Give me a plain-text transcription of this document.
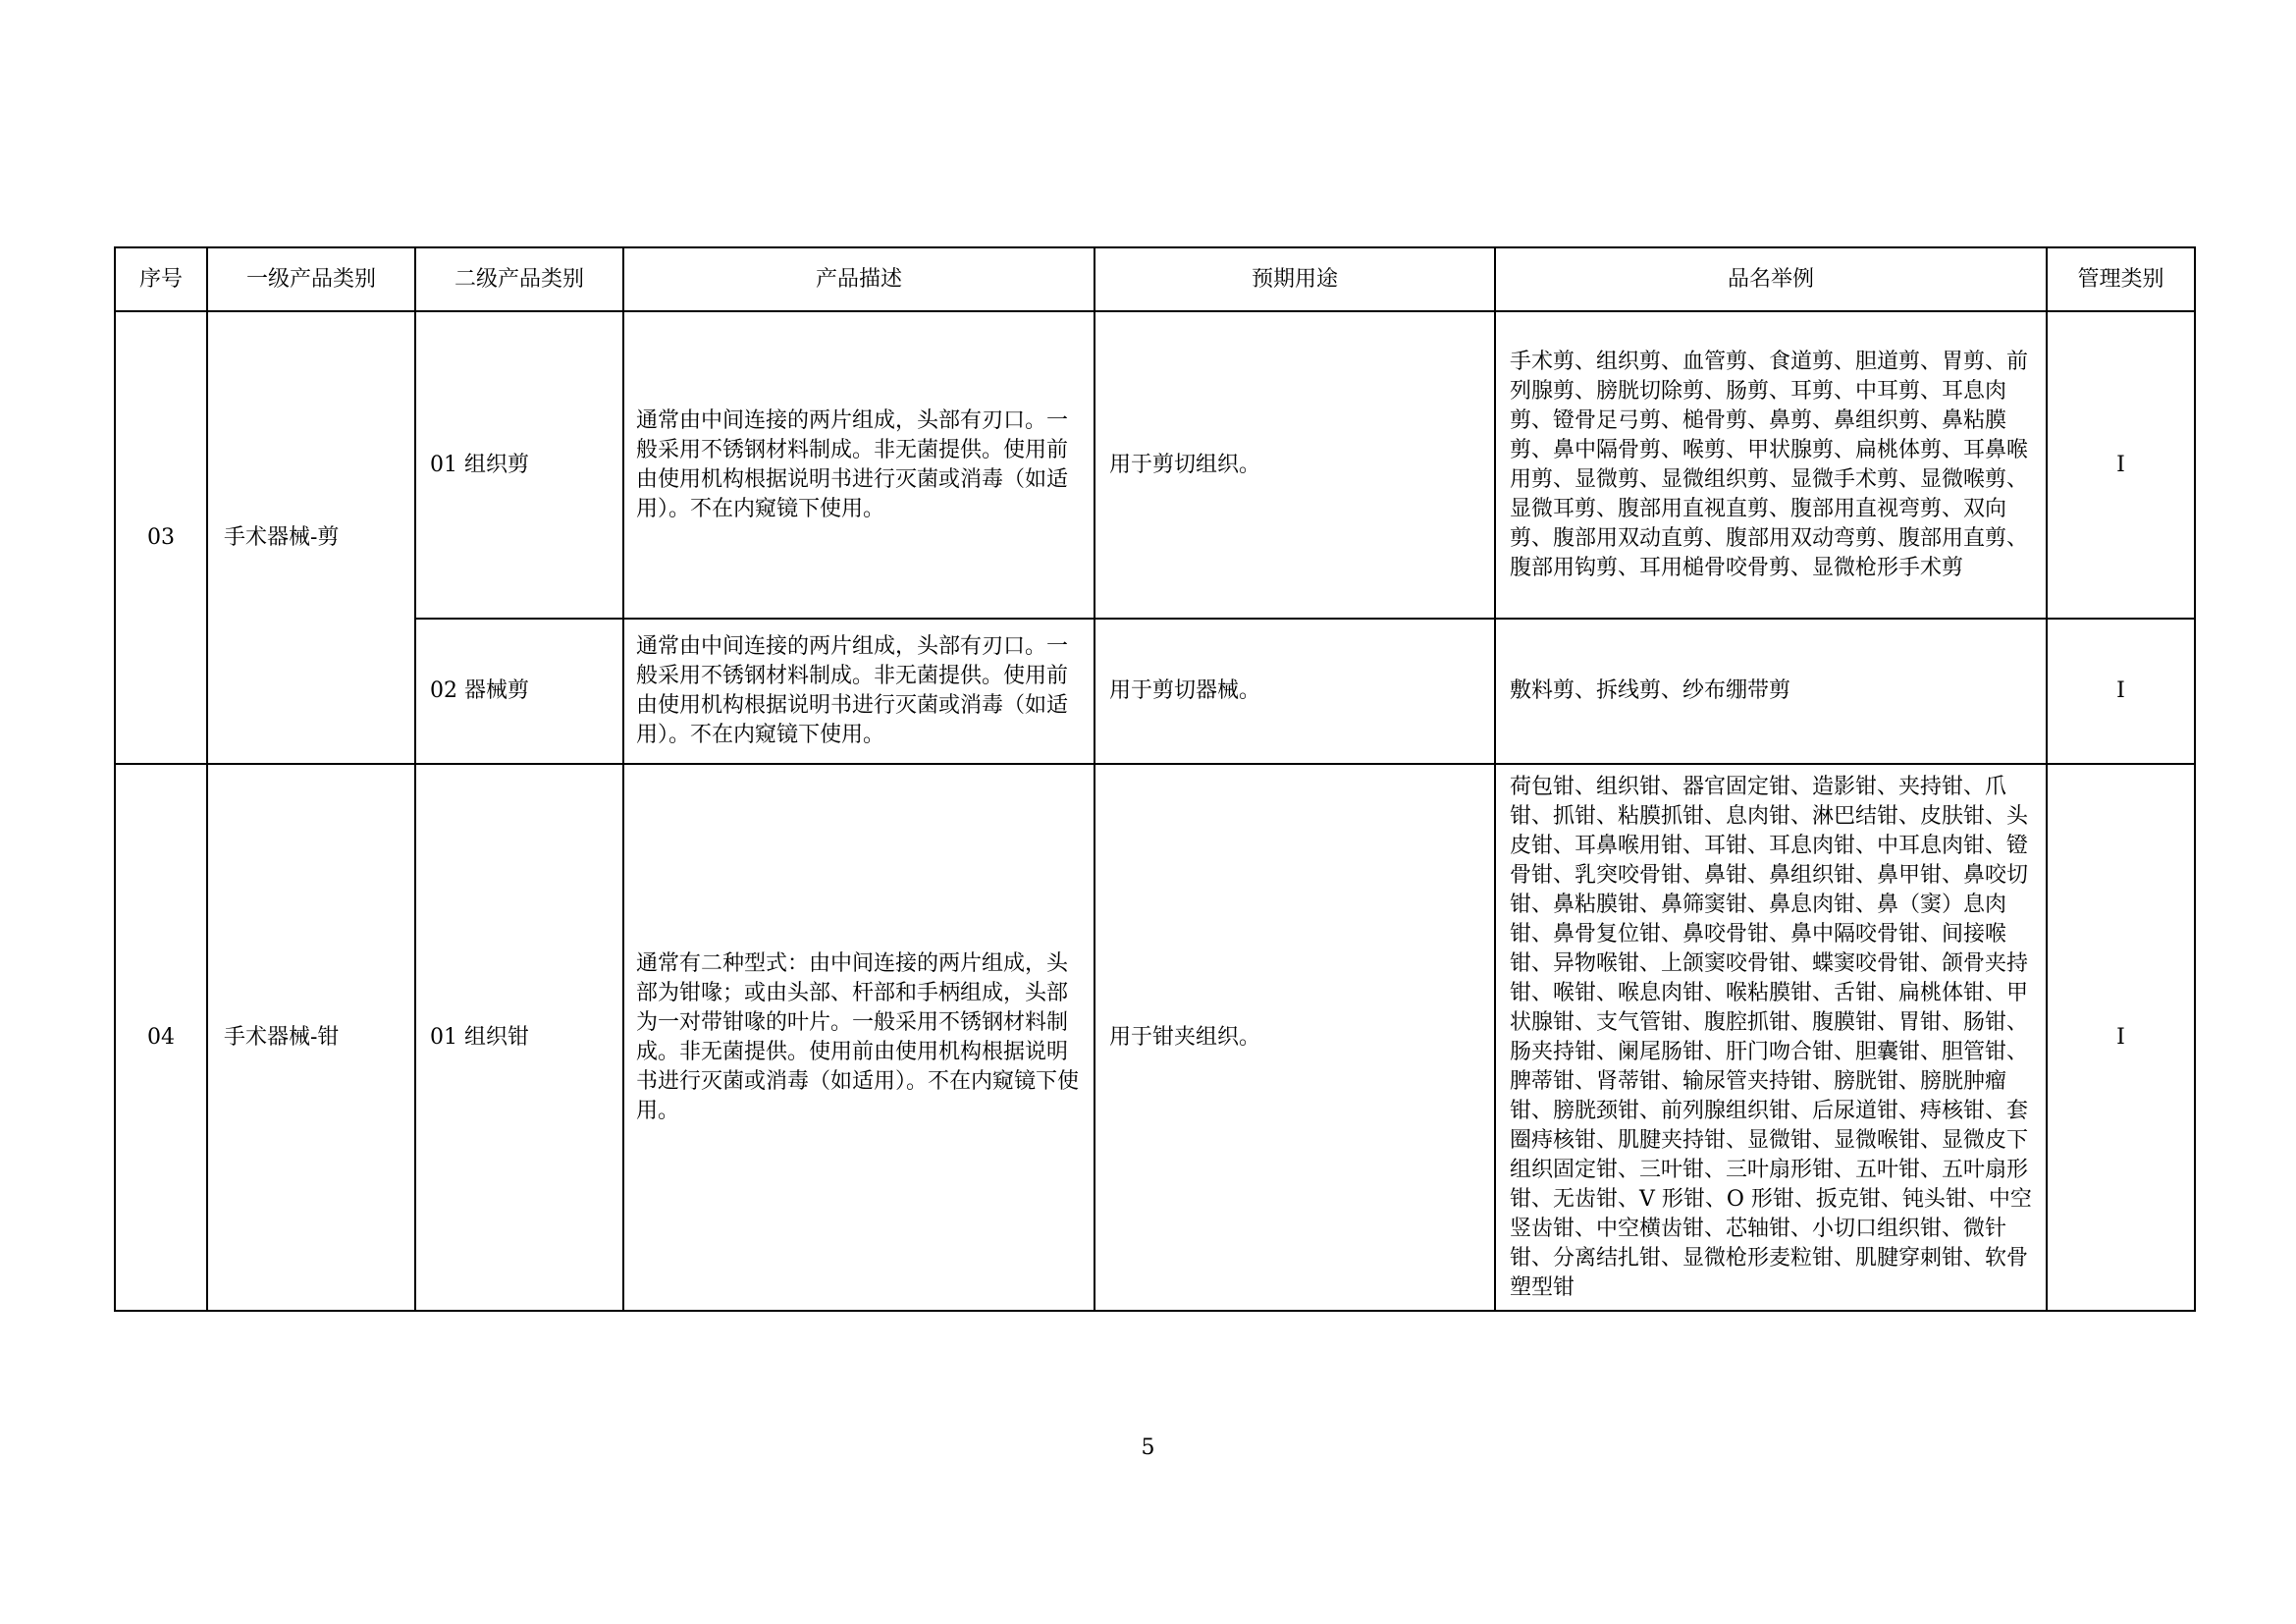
序号	一级产品类别	二级产品类别	产品描述	预期用途	品名举例	管理类别
03	手术器械-剪	01 组织剪	通常由中间连接的两片组成，头部有刃口。一般采用不锈钢材料制成。非无菌提供。使用前由使用机构根据说明书进行灭菌或消毒（如适用）。不在内窥镜下使用。	用于剪切组织。	手术剪、组织剪、血管剪、食道剪、胆道剪、胃剪、前列腺剪、膀胱切除剪、肠剪、耳剪、中耳剪、耳息肉剪、镫骨足弓剪、槌骨剪、鼻剪、鼻组织剪、鼻粘膜剪、鼻中隔骨剪、喉剪、甲状腺剪、扁桃体剪、耳鼻喉用剪、显微剪、显微组织剪、显微手术剪、显微喉剪、显微耳剪、腹部用直视直剪、腹部用直视弯剪、双向剪、腹部用双动直剪、腹部用双动弯剪、腹部用直剪、腹部用钩剪、耳用槌骨咬骨剪、显微枪形手术剪	I
		02 器械剪	通常由中间连接的两片组成，头部有刃口。一般采用不锈钢材料制成。非无菌提供。使用前由使用机构根据说明书进行灭菌或消毒（如适用）。不在内窥镜下使用。	用于剪切器械。	敷料剪、拆线剪、纱布绷带剪	I
04	手术器械-钳	01 组织钳	通常有二种型式：由中间连接的两片组成，头部为钳喙；或由头部、杆部和手柄组成，头部为一对带钳喙的叶片。一般采用不锈钢材料制成。非无菌提供。使用前由使用机构根据说明书进行灭菌或消毒（如适用）。不在内窥镜下使用。	用于钳夹组织。	荷包钳、组织钳、器官固定钳、造影钳、夹持钳、爪钳、抓钳、粘膜抓钳、息肉钳、淋巴结钳、皮肤钳、头皮钳、耳鼻喉用钳、耳钳、耳息肉钳、中耳息肉钳、镫骨钳、乳突咬骨钳、鼻钳、鼻组织钳、鼻甲钳、鼻咬切钳、鼻粘膜钳、鼻筛窦钳、鼻息肉钳、鼻（窦）息肉钳、鼻骨复位钳、鼻咬骨钳、鼻中隔咬骨钳、间接喉钳、异物喉钳、上颌窦咬骨钳、蝶窦咬骨钳、颌骨夹持钳、喉钳、喉息肉钳、喉粘膜钳、舌钳、扁桃体钳、甲状腺钳、支气管钳、腹腔抓钳、腹膜钳、胃钳、肠钳、肠夹持钳、阑尾肠钳、肝门吻合钳、胆囊钳、胆管钳、脾蒂钳、肾蒂钳、输尿管夹持钳、膀胱钳、膀胱肿瘤钳、膀胱颈钳、前列腺组织钳、后尿道钳、痔核钳、套圈痔核钳、肌腱夹持钳、显微钳、显微喉钳、显微皮下组织固定钳、三叶钳、三叶扇形钳、五叶钳、五叶扇形钳、无齿钳、V 形钳、O 形钳、扳克钳、钝头钳、中空竖齿钳、中空横齿钳、芯轴钳、小切口组织钳、微针钳、分离结扎钳、显微枪形麦粒钳、肌腱穿刺钳、软骨塑型钳	I
5
